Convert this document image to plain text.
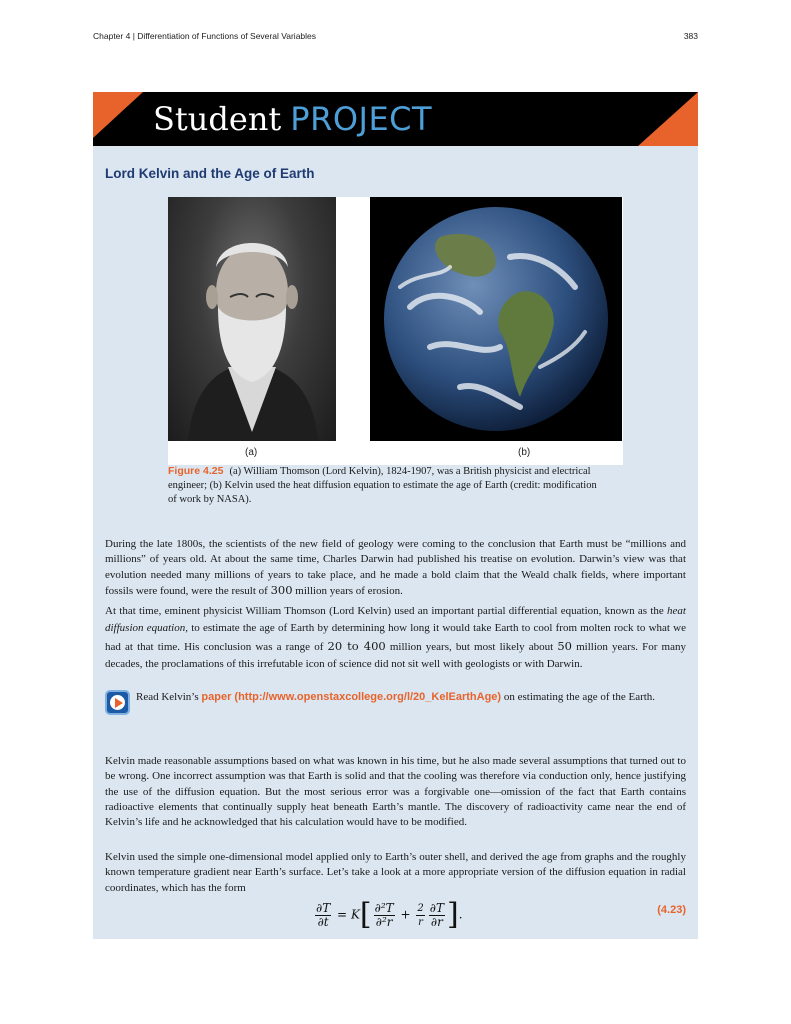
Chapter 4 | Differentiation of Functions of Several Variables	383
Student PROJECT
Lord Kelvin and the Age of Earth
(a)	(b)
Figure 4.25 (a) William Thomson (Lord Kelvin), 1824-1907, was a British physicist and electrical engineer; (b) Kelvin used the heat diffusion equation to estimate the age of Earth (credit: modification of work by NASA).

During the late 1800s, the scientists of the new field of geology were coming to the conclusion that Earth must be “millions and millions” of years old. At about the same time, Charles Darwin had published his treatise on evolution. Darwin’s view was that evolution needed many millions of years to take place, and he made a bold claim that the Weald chalk fields, where important fossils were found, were the result of 300 million years of erosion.

At that time, eminent physicist William Thomson (Lord Kelvin) used an important partial differential equation, known as the heat diffusion equation, to estimate the age of Earth by determining how long it would take Earth to cool from molten rock to what we had at that time. His conclusion was a range of 20 to 400 million years, but most likely about 50 million years. For many decades, the proclamations of this irrefutable icon of science did not sit well with geologists or with Darwin.

Read Kelvin’s paper (http://www.openstaxcollege.org/l/20_KelEarthAge) on estimating the age of the Earth.

Kelvin made reasonable assumptions based on what was known in his time, but he also made several assumptions that turned out to be wrong. One incorrect assumption was that Earth is solid and that the cooling was therefore via conduction only, hence justifying the use of the diffusion equation. But the most serious error was a forgivable one—omission of the fact that Earth contains radioactive elements that continually supply heat beneath Earth’s mantle. The discovery of radioactivity came near the end of Kelvin’s life and he acknowledged that his calculation would have to be modified.

Kelvin used the simple one-dimensional model applied only to Earth’s outer shell, and derived the age from graphs and the roughly known temperature gradient near Earth’s surface. Let’s take a look at a more appropriate version of the diffusion equation in radial coordinates, which has the form

$\frac{\partial T}{\partial t} = K[ \frac{\text{∂²T}}{\text{∂²r}} + \frac{2}{r} \frac{\partial T}{\partial r}$ ].	(4.23)
